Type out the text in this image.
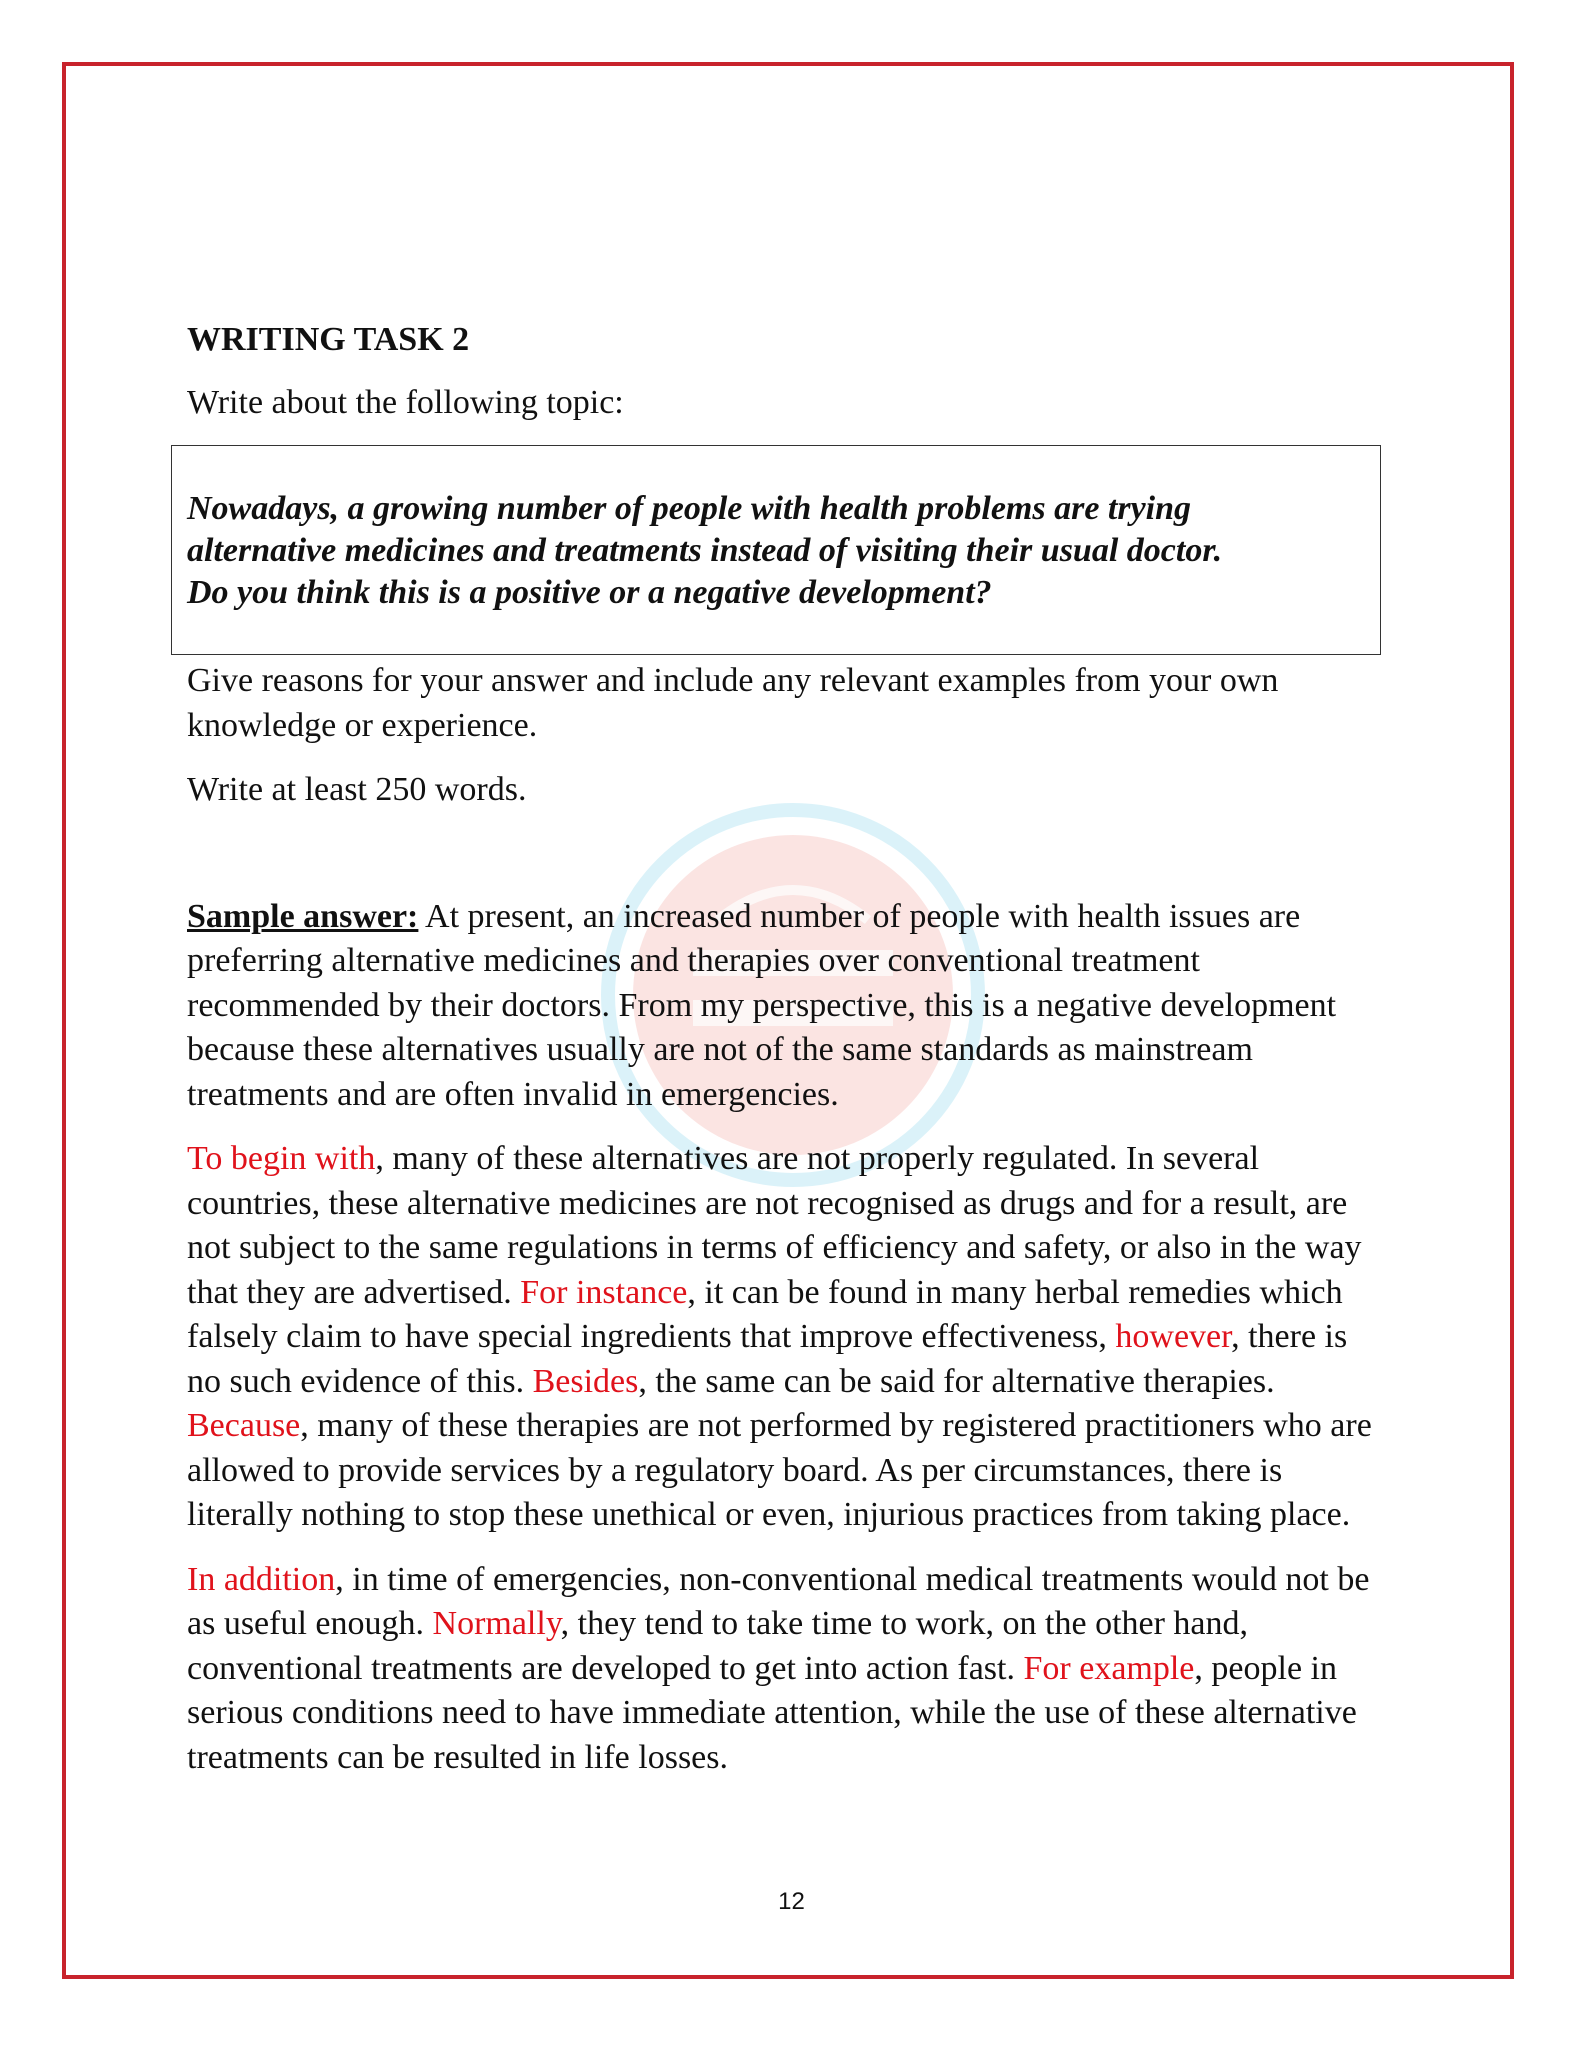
WRITING TASK 2

Write about the following topic:

Nowadays, a growing number of people with health problems are trying
alternative medicines and treatments instead of visiting their usual doctor.
Do you think this is a positive or a negative development?

Give reasons for your answer and include any relevant examples from your own knowledge or experience.

Write at least 250 words.

Sample answer: At present, an increased number of people with health issues are preferring alternative medicines and therapies over conventional treatment recommended by their doctors. From my perspective, this is a negative development because these alternatives usually are not of the same standards as mainstream treatments and are often invalid in emergencies.

To begin with, many of these alternatives are not properly regulated. In several countries, these alternative medicines are not recognised as drugs and for a result, are not subject to the same regulations in terms of efficiency and safety, or also in the way that they are advertised. For instance, it can be found in many herbal remedies which falsely claim to have special ingredients that improve effectiveness, however, there is no such evidence of this. Besides, the same can be said for alternative therapies. Because, many of these therapies are not performed by registered practitioners who are allowed to provide services by a regulatory board. As per circumstances, there is literally nothing to stop these unethical or even, injurious practices from taking place.

In addition, in time of emergencies, non-conventional medical treatments would not be as useful enough. Normally, they tend to take time to work, on the other hand, conventional treatments are developed to get into action fast. For example, people in serious conditions need to have immediate attention, while the use of these alternative treatments can be resulted in life losses.

12
